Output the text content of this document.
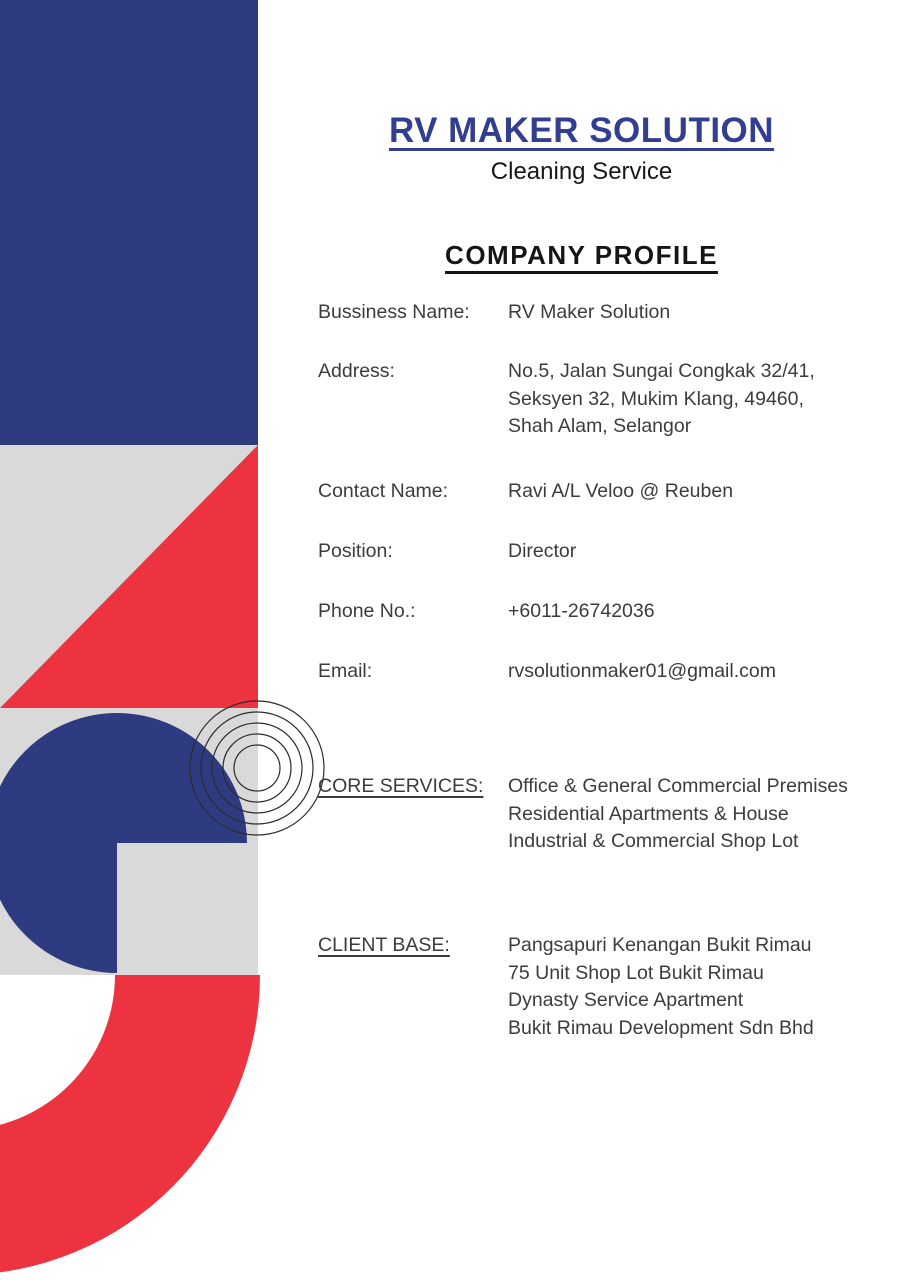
RV MAKER SOLUTION
Cleaning Service
COMPANY PROFILE
Bussiness Name: RV Maker Solution
Address:	No.5, Jalan Sungai Congkak 32/41,
Seksyen 32, Mukim Klang, 49460,
Shah Alam, Selangor
Contact Name:	Ravi A/L Veloo @ Reuben
Position:	Director
Phone No.:	+6011-26742036
Email:	rvsolutionmaker01@gmail.com
CORE SERVICES: Office & General Commercial Premises
Residential Apartments & House
Industrial & Commercial Shop Lot
CLIENT BASE:	Pangsapuri Kenangan Bukit Rimau
75 Unit Shop Lot Bukit Rimau
Dynasty Service Apartment
Bukit Rimau Development Sdn Bhd
